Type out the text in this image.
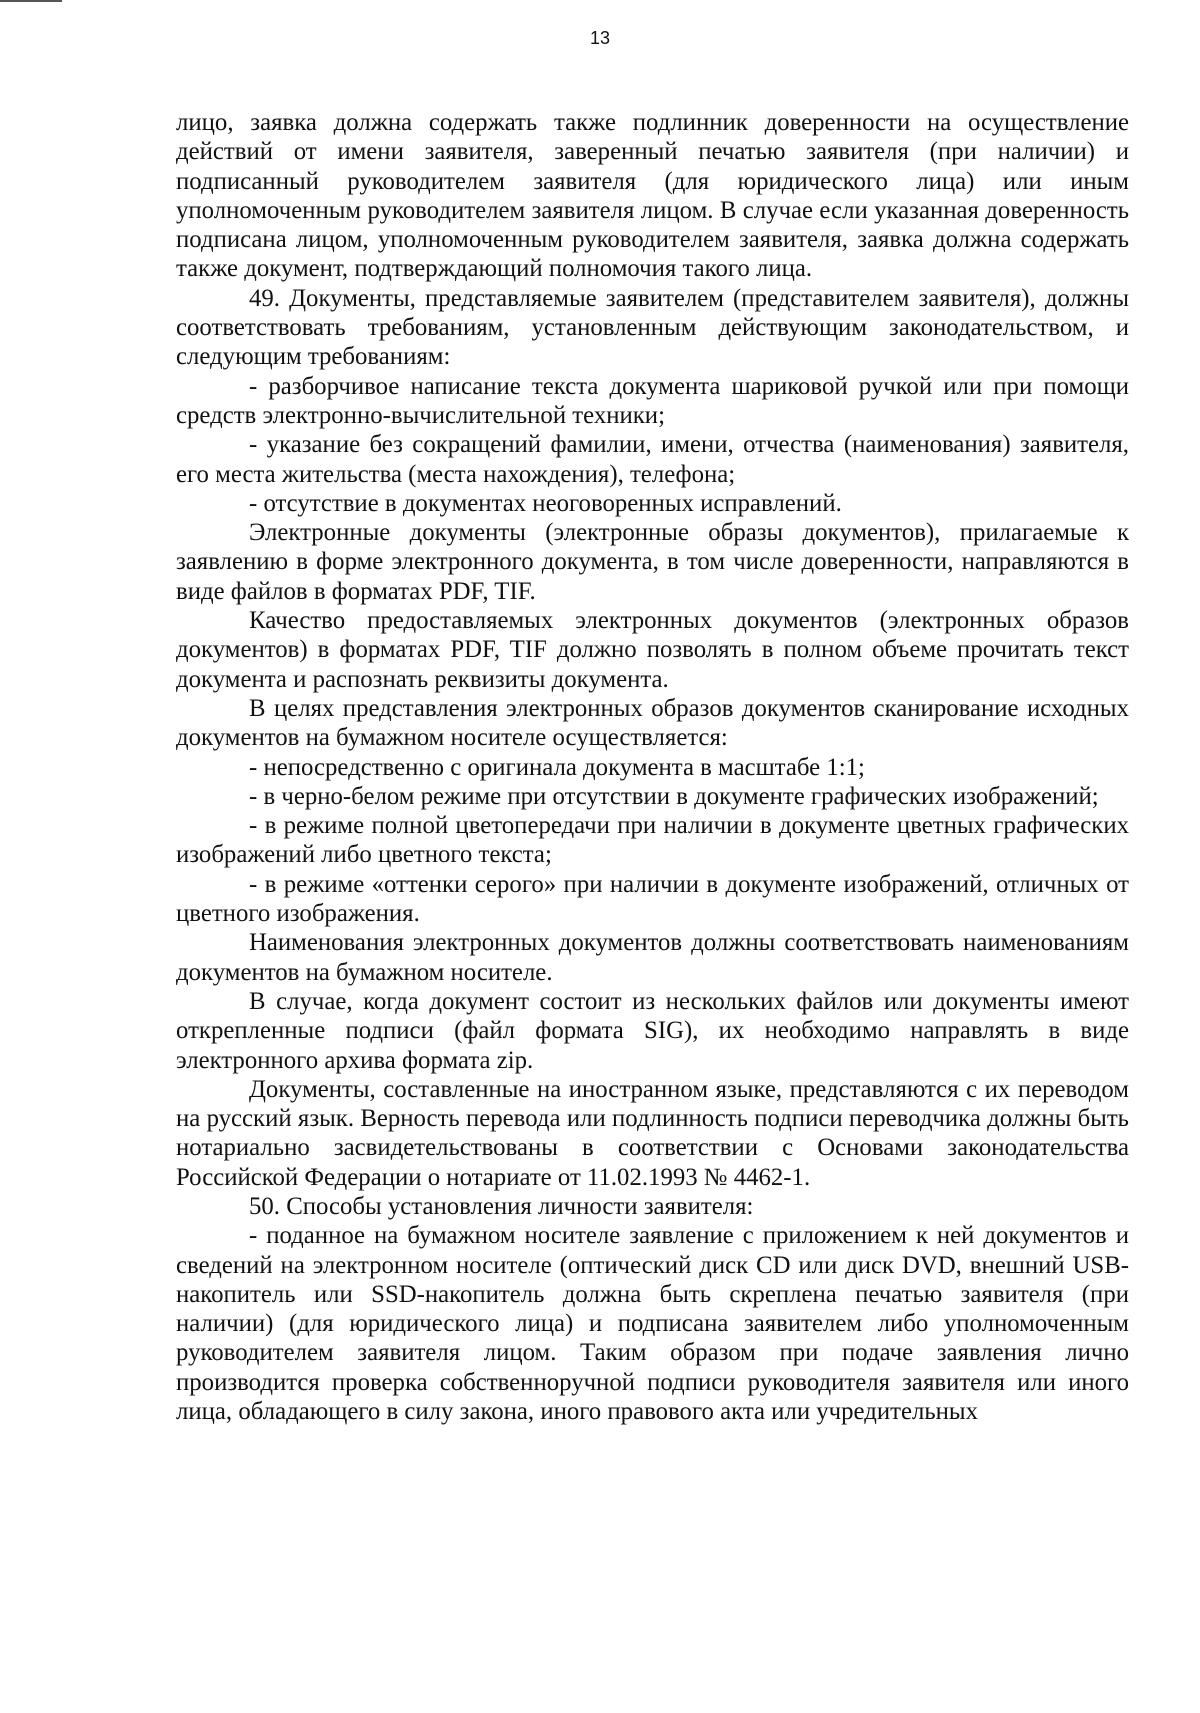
13

лицо, заявка должна содержать также подлинник доверенности на осуществление действий от имени заявителя, заверенный печатью заявителя (при наличии) и подписанный руководителем заявителя (для юридического лица) или иным уполномоченным руководителем заявителя лицом. В случае если указанная доверенность подписана лицом, уполномоченным руководителем заявителя, заявка должна содержать также документ, подтверждающий полномочия такого лица.

49. Документы, представляемые заявителем (представителем заявителя), должны соответствовать требованиям, установленным действующим законодательством, и следующим требованиям:

- разборчивое написание текста документа шариковой ручкой или при помощи средств электронно-вычислительной техники;

- указание без сокращений фамилии, имени, отчества (наименования) заявителя, его места жительства (места нахождения), телефона;

- отсутствие в документах неоговоренных исправлений.

Электронные документы (электронные образы документов), прилагаемые к заявлению в форме электронного документа, в том числе доверенности, направляются в виде файлов в форматах PDF, TIF.

Качество предоставляемых электронных документов (электронных образов документов) в форматах PDF, TIF должно позволять в полном объеме прочитать текст документа и распознать реквизиты документа.

В целях представления электронных образов документов сканирование исходных документов на бумажном носителе осуществляется:

- непосредственно с оригинала документа в масштабе 1:1;

- в черно-белом режиме при отсутствии в документе графических изображений;

- в режиме полной цветопередачи при наличии в документе цветных графических изображений либо цветного текста;

- в режиме «оттенки серого» при наличии в документе изображений, отличных от цветного изображения.

Наименования электронных документов должны соответствовать наименованиям документов на бумажном носителе.

В случае, когда документ состоит из нескольких файлов или документы имеют открепленные подписи (файл формата SIG), их необходимо направлять в виде электронного архива формата zip.

Документы, составленные на иностранном языке, представляются с их переводом на русский язык. Верность перевода или подлинность подписи переводчика должны быть нотариально засвидетельствованы в соответствии с Основами законодательства Российской Федерации о нотариате от 11.02.1993 № 4462-1.

50. Способы установления личности заявителя:

- поданное на бумажном носителе заявление с приложением к ней документов и сведений на электронном носителе (оптический диск CD или диск DVD, внешний USB-накопитель или SSD-накопитель должна быть скреплена печатью заявителя (при наличии) (для юридического лица) и подписана заявителем либо уполномоченным руководителем заявителя лицом. Таким образом при подаче заявления лично производится проверка собственноручной подписи руководителя заявителя или иного лица, обладающего в силу закона, иного правового акта или учредительных
